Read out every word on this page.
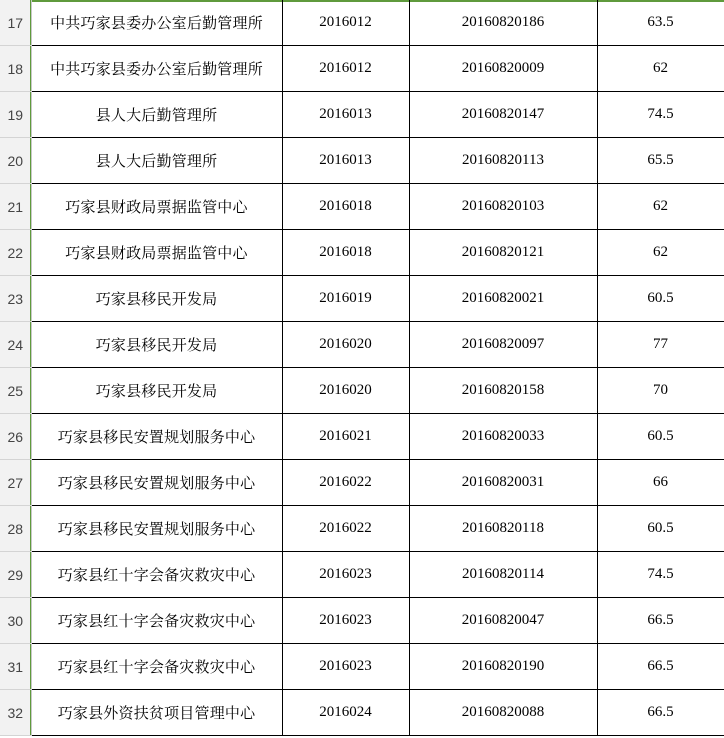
17	中共巧家县委办公室后勤管理所	2016012	20160820186	63.5
18	中共巧家县委办公室后勤管理所	2016012	20160820009	62
19	县人大后勤管理所	2016013	20160820147	74.5
20	县人大后勤管理所	2016013	20160820113	65.5
21	巧家县财政局票据监管中心	2016018	20160820103	62
22	巧家县财政局票据监管中心	2016018	20160820121	62
23	巧家县移民开发局	2016019	20160820021	60.5
24	巧家县移民开发局	2016020	20160820097	77
25	巧家县移民开发局	2016020	20160820158	70
26	巧家县移民安置规划服务中心	2016021	20160820033	60.5
27	巧家县移民安置规划服务中心	2016022	20160820031	66
28	巧家县移民安置规划服务中心	2016022	20160820118	60.5
29	巧家县红十字会备灾救灾中心	2016023	20160820114	74.5
30	巧家县红十字会备灾救灾中心	2016023	20160820047	66.5
31	巧家县红十字会备灾救灾中心	2016023	20160820190	66.5
32	巧家县外资扶贫项目管理中心	2016024	20160820088	66.5
